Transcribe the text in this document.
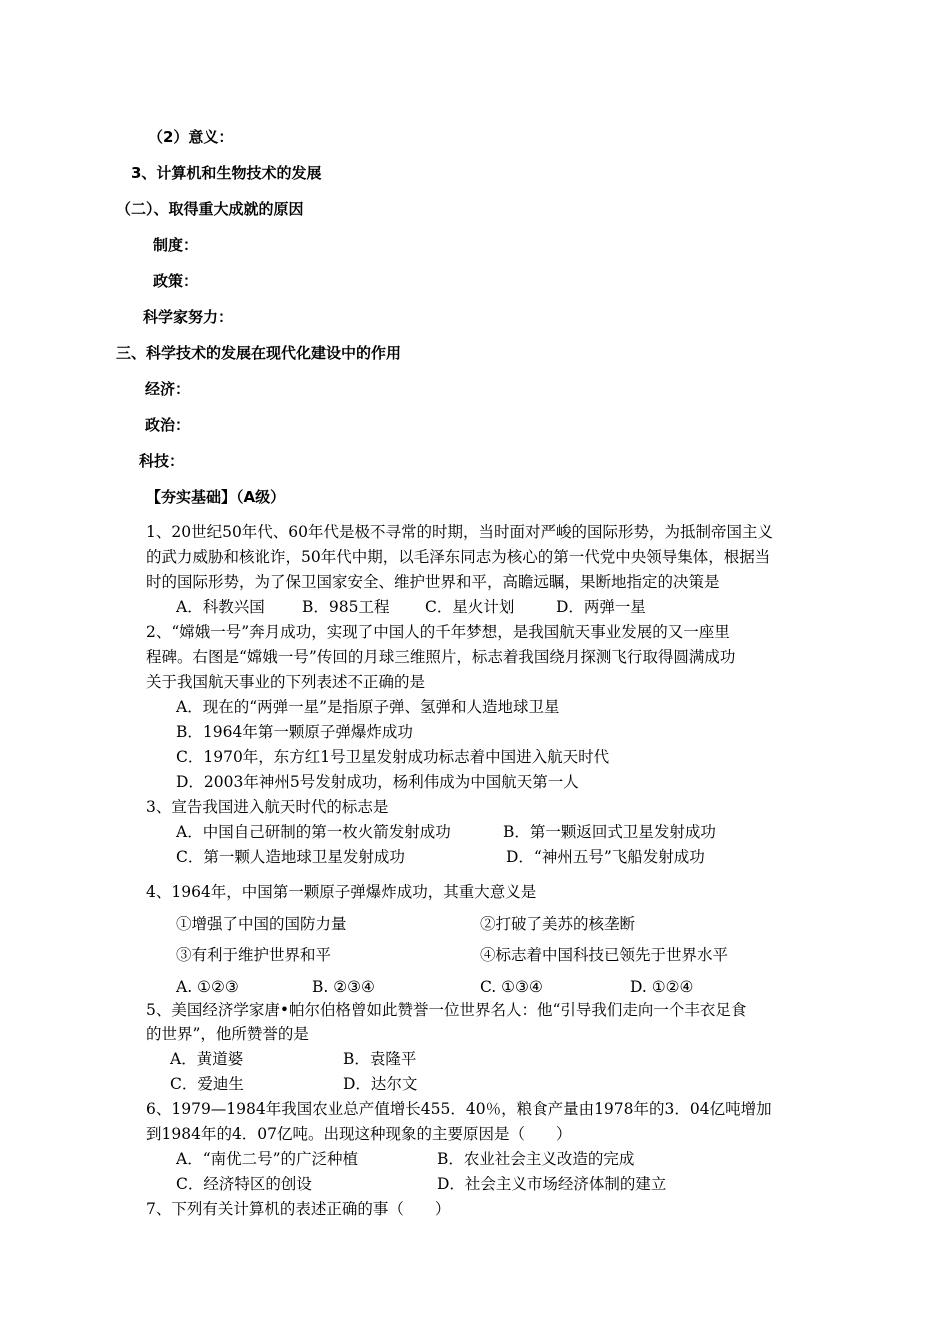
（2）意义：
3、计算机和生物技术的发展
（二）、取得重大成就的原因
制度：
政策：
科学家努力：
三、科学技术的发展在现代化建设中的作用
经济：
政治：
科技：
【夯实基础】（A级）
1、20世纪50年代、60年代是极不寻常的时期，当时面对严峻的国际形势，为抵制帝国主义
的武力威胁和核讹诈，50年代中期，以毛泽东同志为核心的第一代党中央领导集体，根据当
时的国际形势，为了保卫国家安全、维护世界和平，高瞻远瞩，果断地指定的决策是
A．科教兴国 B．985工程 C．星火计划	D．两弹一星
2、“嫦娥一号”奔月成功，实现了中国人的千年梦想，是我国航天事业发展的又一座里
程碑。右图是“嫦娥一号”传回的月球三维照片，标志着我国绕月探测飞行取得圆满成功
关于我国航天事业的下列表述不正确的是
A．现在的“两弹一星”是指原子弹、氢弹和人造地球卫星
B．1964年第一颗原子弹爆炸成功
C．1970年，东方红1号卫星发射成功标志着中国进入航天时代
D．2003年神州5号发射成功，杨利伟成为中国航天第一人
3、宣告我国进入航天时代的标志是
A．中国自己研制的第一枚火箭发射成功	B．第一颗返回式卫星发射成功
C．第一颗人造地球卫星发射成功	D．“神州五号”飞船发射成功
4、1964年，中国第一颗原子弹爆炸成功，其重大意义是
①增强了中国的国防力量	②打破了美苏的核垄断
③有利于维护世界和平	④标志着中国科技已领先于世界水平
A. ①②③	B. ②③④	C. ①③④	D. ①②④
5、美国经济学家唐•帕尔伯格曾如此赞誉一位世界名人：他“引导我们走向一个丰衣足食
的世界”，他所赞誉的是
A．黄道婆	B．袁隆平
C．爱迪生	D．达尔文
6、1979—1984年我国农业总产值增长455．40％，粮食产量由1978年的3．04亿吨增加
到1984年的4．07亿吨。出现这种现象的主要原因是（　　）
A．“南优二号”的广泛种植	B．农业社会主义改造的完成
C．经济特区的创设	D．社会主义市场经济体制的建立
7、下列有关计算机的表述正确的事（　　）
